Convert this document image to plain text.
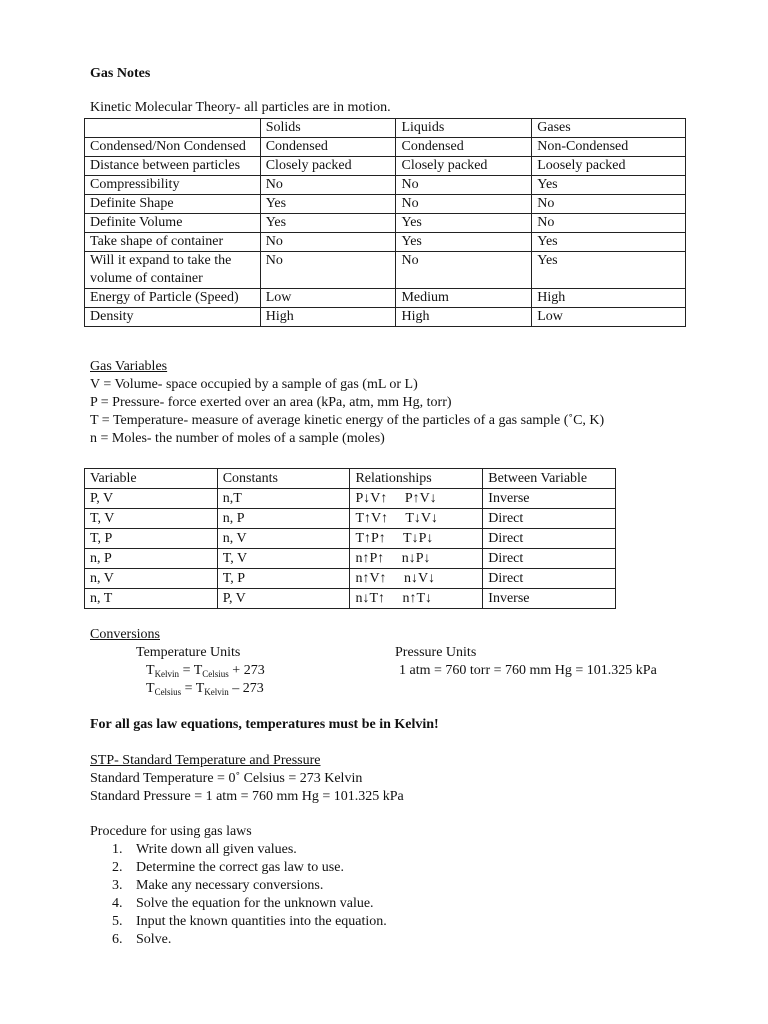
Gas Notes
Kinetic Molecular Theory- all particles are in motion.
	Solids	Liquids	Gases
Condensed/Non Condensed	Condensed	Condensed	Non-Condensed
Distance between particles	Closely packed	Closely packed	Loosely packed
Compressibility	No	No	Yes
Definite Shape	Yes	No	No
Definite Volume	Yes	Yes	No
Take shape of container	No	Yes	Yes
Will it expand to take the volume of container	No	No	Yes
Energy of Particle (Speed)	Low	Medium	High
Density	High	High	Low
Gas Variables
V = Volume- space occupied by a sample of gas (mL or L)
P = Pressure- force exerted over an area (kPa, atm, mm Hg, torr)
T = Temperature- measure of average kinetic energy of the particles of a gas sample (˚C, K)
n = Moles- the number of moles of a sample (moles)
Variable	Constants	Relationships	Between Variable
P, V	n,T	P↓V↑     P↑V↓	Inverse
T, V	n, P	T↑V↑     T↓V↓	Direct
T, P	n, V	T↑P↑     T↓P↓	Direct
n, P	T, V	n↑P↑     n↓P↓	Direct
n, V	T, P	n↑V↑     n↓V↓	Direct
n, T	P, V	n↓T↑     n↑T↓	Inverse
Conversions
Temperature Units	Pressure Units
1 atm = 760 torr = 760 mm Hg = 101.325 kPa
$T_{Kelvin} = T_{Celsius} + 273$
$T_{Celsius} = T_{Kelvin} - 273$
For all gas law equations, temperatures must be in Kelvin!
STP- Standard Temperature and Pressure
Standard Temperature = 0˚ Celsius = 273 Kelvin
Standard Pressure = 1 atm = 760 mm Hg = 101.325 kPa
Procedure for using gas laws
1. Write down all given values.
2. Determine the correct gas law to use.
3. Make any necessary conversions.
4. Solve the equation for the unknown value.
5. Input the known quantities into the equation.
6. Solve.
